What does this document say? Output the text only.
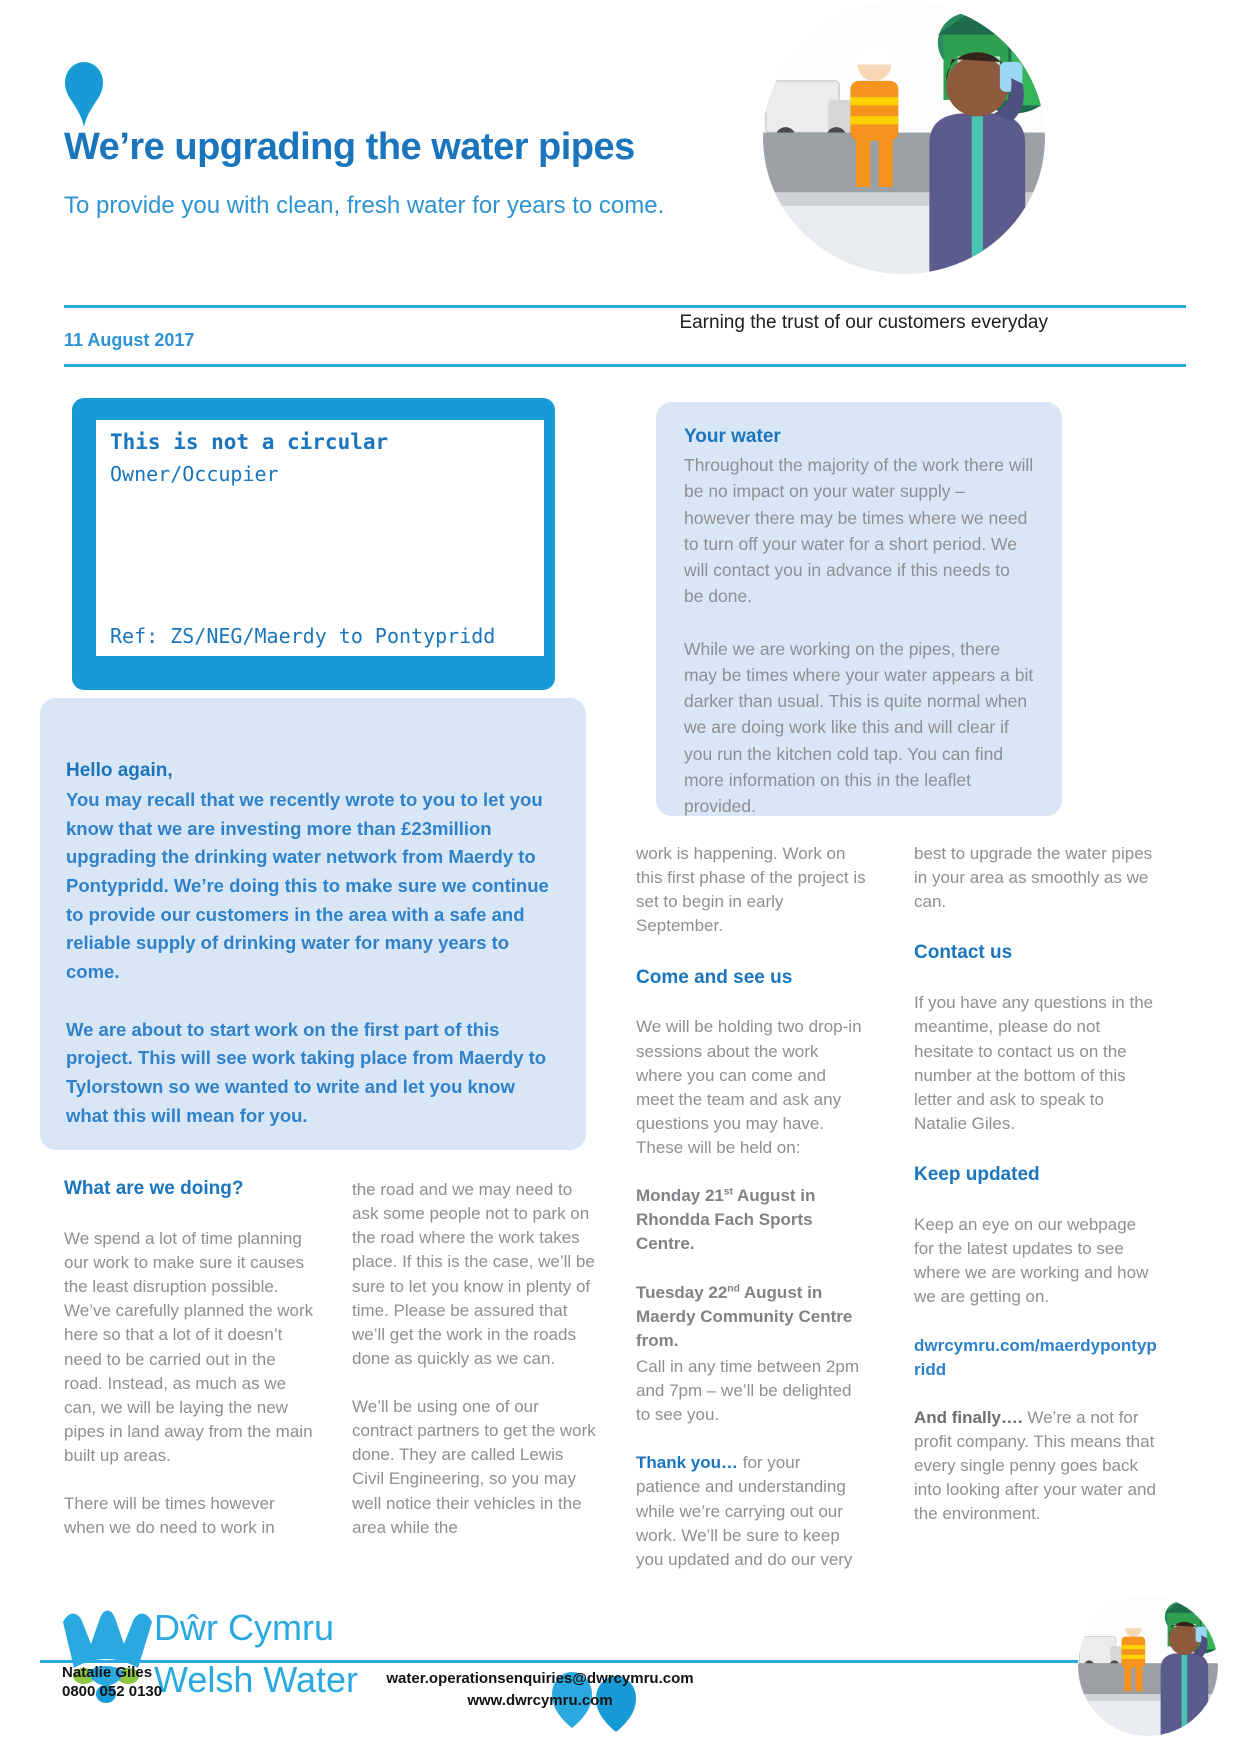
We’re upgrading the water pipes
To provide you with clean, fresh water for years to come.
Earning the trust of our customers everyday
11 August 2017
This is not a circular
Owner/Occupier
Ref: ZS/NEG/Maerdy to Pontypridd
Your water

Throughout the majority of the work there will be no impact on your water supply – however there may be times where we need to turn off your water for a short period. We will contact you in advance if this needs to be done.

While we are working on the pipes, there may be times where your water appears a bit darker than usual. This is quite normal when we are doing work like this and will clear if you run the kitchen cold tap. You can find more information on this in the leaflet provided.

Hello again,

You may recall that we recently wrote to you to let you know that we are investing more than £23million upgrading the drinking water network from Maerdy to Pontypridd. We’re doing this to make sure we continue to provide our customers in the area with a safe and reliable supply of drinking water for many years to come.

We are about to start work on the first part of this project. This will see work taking place from Maerdy to Tylorstown so we wanted to write and let you know what this will mean for you.

What are we doing?

We spend a lot of time planning our work to make sure it causes the least disruption possible. We’ve carefully planned the work here so that a lot of it doesn’t need to be carried out in the road. Instead, as much as we can, we will be laying the new pipes in land away from the main built up areas.

There will be times however when we do need to work in

the road and we may need to ask some people not to park on the road where the work takes place. If this is the case, we’ll be sure to let you know in plenty of time. Please be assured that we’ll get the work in the roads done as quickly as we can.

We’ll be using one of our contract partners to get the work done. They are called Lewis Civil Engineering, so you may well notice their vehicles in the area while the

work is happening. Work on this first phase of the project is set to begin in early September.

Come and see us

We will be holding two drop-in sessions about the work where you can come and meet the team and ask any questions you may have. These will be held on:

Monday 21st August in Rhondda Fach Sports Centre.

Tuesday 22nd August in Maerdy Community Centre from.

Call in any time between 2pm and 7pm – we’ll be delighted to see you.

Thank you… for your patience and understanding while we’re carrying out our work. We’ll be sure to keep you updated and do our very

best to upgrade the water pipes in your area as smoothly as we can.

Contact us

If you have any questions in the meantime, please do not hesitate to contact us on the number at the bottom of this letter and ask to speak to Natalie Giles.

Keep updated

Keep an eye on our webpage for the latest updates to see where we are working and how we are getting on.

dwrcymru.com/maerdypontypridd

And finally…. We’re a not for profit company. This means that every single penny goes back into looking after your water and the environment.

Dŵr Cymru
Welsh Water
Natalie Giles
0800 052 0130
water.operationsenquiries@dwrcymru.com
www.dwrcymru.com
